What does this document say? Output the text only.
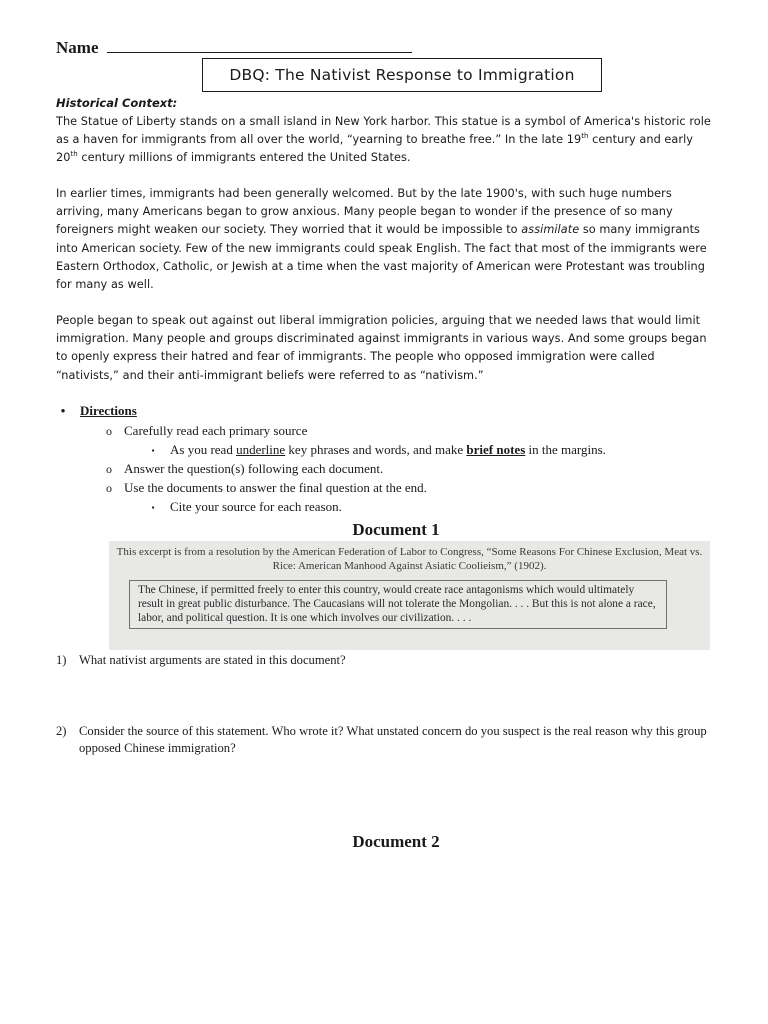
Name
DBQ: The Nativist Response to Immigration
Historical Context:
The Statue of Liberty stands on a small island in New York harbor. This statue is a symbol of America's historic role as a haven for immigrants from all over the world, “yearning to breathe free.” In the late 19th century and early 20th century millions of immigrants entered the United States.
In earlier times, immigrants had been generally welcomed. But by the late 1900's, with such huge numbers arriving, many Americans began to grow anxious. Many people began to wonder if the presence of so many foreigners might weaken our society. They worried that it would be impossible to assimilate so many immigrants into American society. Few of the new immigrants could speak English. The fact that most of the immigrants were Eastern Orthodox, Catholic, or Jewish at a time when the vast majority of American were Protestant was troubling for many as well.
People began to speak out against out liberal immigration policies, arguing that we needed laws that would limit immigration. Many people and groups discriminated against immigrants in various ways. And some groups began to openly express their hatred and fear of immigrants. The people who opposed immigration were called “nativists,” and their anti-immigrant beliefs were referred to as “nativism.”
•	Directions
o Carefully read each primary source
▪	As you read underline key phrases and words, and make brief notes in the margins.
o Answer the question(s) following each document.
o Use the documents to answer the final question at the end.
▪	Cite your source for each reason.
Document 1
This excerpt is from a resolution by the American Federation of Labor to Congress, “Some Reasons For Chinese Exclusion, Meat vs. Rice: American Manhood Against Asiatic Coolieism,” (1902).
The Chinese, if permitted freely to enter this country, would create race antagonisms which would ultimately result in great public disturbance. The Caucasians will not tolerate the Mongolian. . . . But this is not alone a race, labor, and political question. It is one which involves our civilization. . . .
1) What nativist arguments are stated in this document?
2) Consider the source of this statement. Who wrote it? What unstated concern do you suspect is the real reason why this group opposed Chinese immigration?
Document 2
